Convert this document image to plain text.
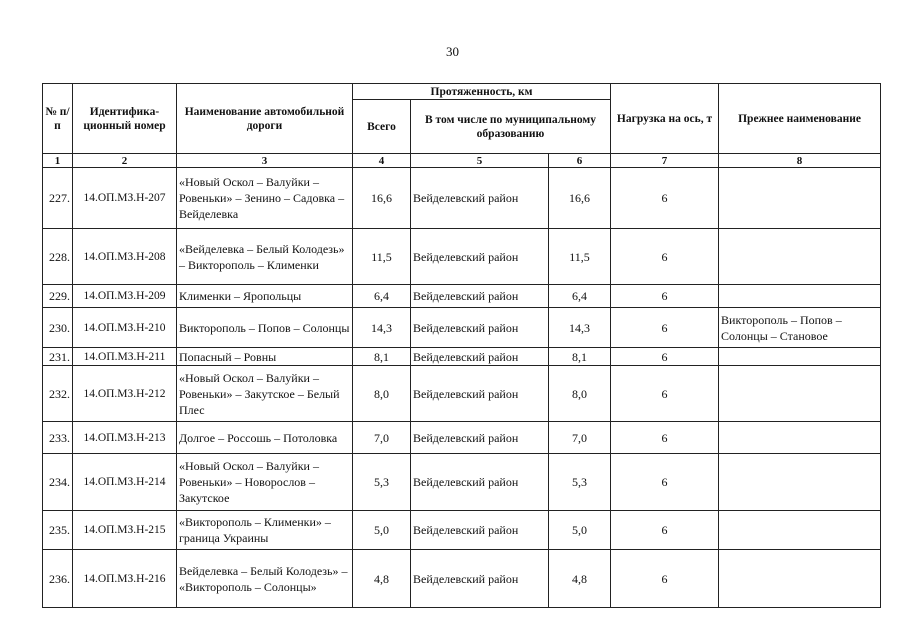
30
№ п/п	Идентифика-ционный номер	Наименование автомобильной дороги	Протяженность, км			Нагрузка на ось, т	Прежнее наименование
			Всего	В том числе по муниципальному образованию			
1	2	3	4	5	6	7	8
227.	14.ОП.МЗ.Н-207	«Новый Оскол – Валуйки – Ровеньки» – Зенино – Садовка – Вейделевка	16,6	Вейделевский район	16,6	6	
228.	14.ОП.МЗ.Н-208	«Вейделевка – Белый Колодезь» – Викторополь – Клименки	11,5	Вейделевский район	11,5	6	
229.	14.ОП.МЗ.Н-209	Клименки – Яропольцы	6,4	Вейделевский район	6,4	6	
230.	14.ОП.МЗ.Н-210	Викторополь – Попов – Солонцы	14,3	Вейделевский район	14,3	6	Викторополь – Попов – Солонцы – Становое
231.	14.ОП.МЗ.Н-211	Попасный – Ровны	8,1	Вейделевский район	8,1	6	
232.	14.ОП.МЗ.Н-212	«Новый Оскол – Валуйки – Ровеньки» – Закутское – Белый Плес	8,0	Вейделевский район	8,0	6	
233.	14.ОП.МЗ.Н-213	Долгое – Россошь – Потоловка	7,0	Вейделевский район	7,0	6	
234.	14.ОП.МЗ.Н-214	«Новый Оскол – Валуйки – Ровеньки» – Новорослов – Закутское	5,3	Вейделевский район	5,3	6	
235.	14.ОП.МЗ.Н-215	«Викторополь – Клименки» – граница Украины	5,0	Вейделевский район	5,0	6	
236.	14.ОП.МЗ.Н-216	Вейделевка – Белый Колодезь» – «Викторополь – Солонцы»	4,8	Вейделевский район	4,8	6	
